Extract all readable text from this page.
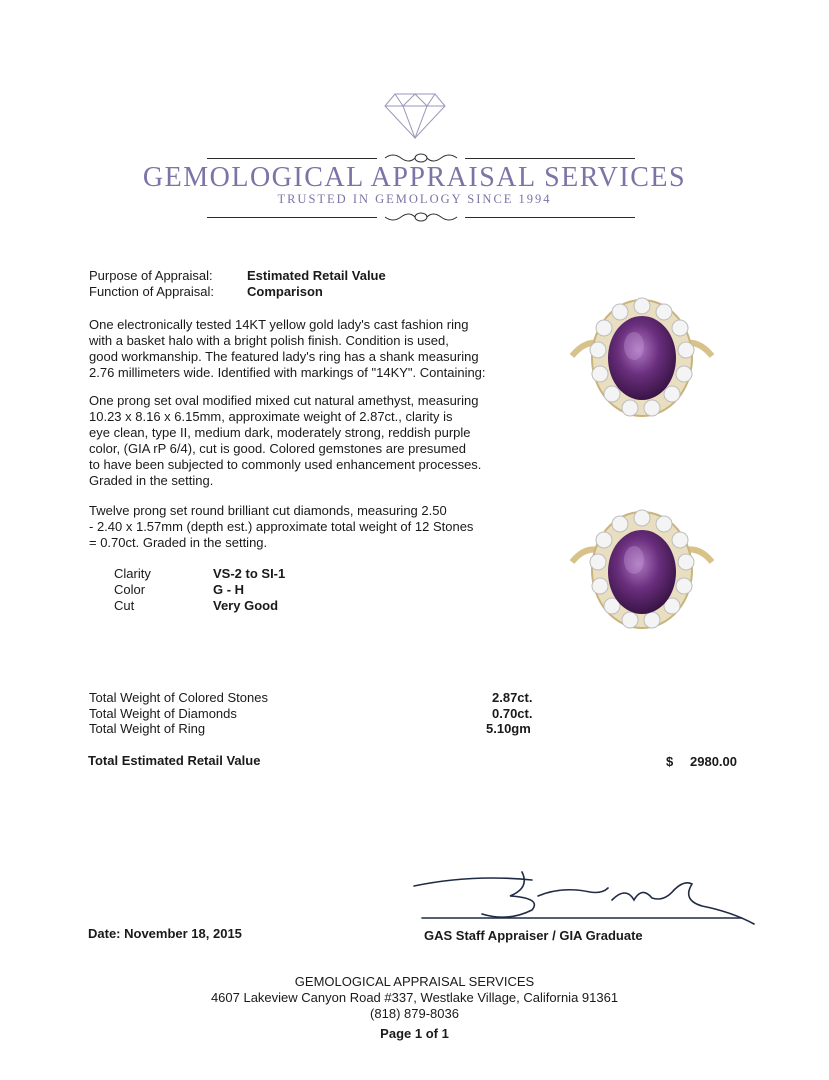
GEMOLOGICAL APPRAISAL SERVICES
TRUSTED IN GEMOLOGY SINCE 1994
Purpose of Appraisal:	Estimated Retail Value
Function of Appraisal:	Comparison
One electronically tested 14KT yellow gold lady's cast fashion ring
with a basket halo with a bright polish finish. Condition is used,
good workmanship. The featured lady's ring has a shank measuring
2.76 millimeters wide. Identified with markings of "14KY". Containing:
One prong set oval modified mixed cut natural amethyst, measuring
10.23 x 8.16 x 6.15mm, approximate weight of 2.87ct., clarity is
eye clean, type II, medium dark, moderately strong, reddish purple
color, (GIA rP 6/4), cut is good. Colored gemstones are presumed
to have been subjected to commonly used enhancement processes.
Graded in the setting.
Twelve prong set round brilliant cut diamonds, measuring 2.50
- 2.40 x 1.57mm (depth est.) approximate total weight of 12 Stones
= 0.70ct. Graded in the setting.
Clarity	VS-2 to SI-1
Color	G - H
Cut	Very Good
Total Weight of Colored Stones	2.87ct.
Total Weight of Diamonds	0.70ct.
Total Weight of Ring	5.10gm
Total Estimated Retail Value	$ 2980.00
Date: November 18, 2015	GAS Staff Appraiser / GIA Graduate
GEMOLOGICAL APPRAISAL SERVICES
4607 Lakeview Canyon Road #337, Westlake Village, California 91361
(818) 879-8036
Page 1 of 1
